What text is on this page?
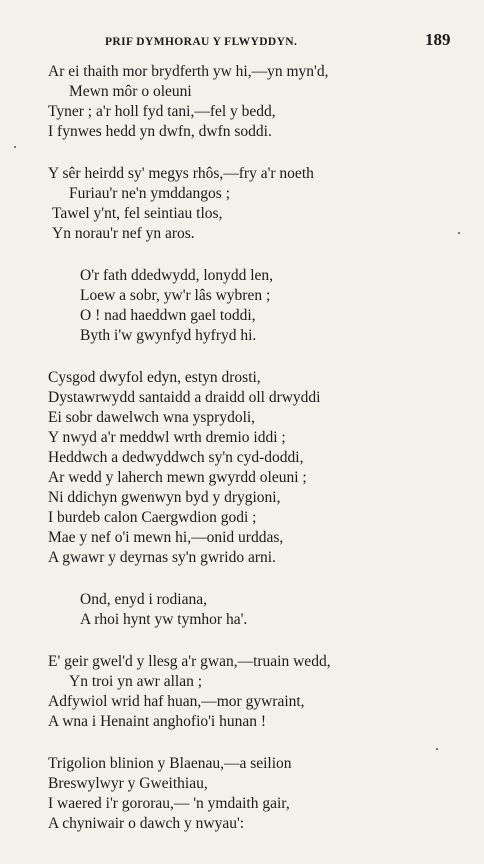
PRIF DYMHORAU Y FLWYDDYN.	189
Ar ei thaith mor brydferth yw hi,—yn myn'd,
Mewn môr o oleuni
Tyner ; a'r holl fyd tani,—fel y bedd,
I fynwes hedd yn dwfn, dwfn soddi.
Y sêr heirdd sy' megys rhôs,—fry a'r noeth
Furiau'r ne'n ymddangos ;
Tawel y'nt, fel seintiau tlos,
Yn norau'r nef yn aros.
O'r fath ddedwydd, lonydd len,
Loew a sobr, yw'r lâs wybren ;
O ! nad haeddwn gael toddi,
Byth i'w gwynfyd hyfryd hi.
Cysgod dwyfol edyn, estyn drosti,
Dystawrwydd santaidd a draidd oll drwyddi
Ei sobr dawelwch wna ysprydoli,
Y nwyd a'r meddwl wrth dremio iddi ;
Heddwch a dedwyddwch sy'n cyd-doddi,
Ar wedd y laherch mewn gwyrdd oleuni ;
Ni ddichyn gwenwyn byd y drygioni,
I burdeb calon Caergwdion godi ;
Mae y nef o'i mewn hi,—onid urddas,
A gwawr y deyrnas sy'n gwrido arni.
Ond, enyd i rodiana,
A rhoi hynt yw tymhor ha'.
E' geir gwel'd y llesg a'r gwan,—truain wedd,
Yn troi yn awr allan ;
Adfywiol wrid haf huan,—mor gywraint,
A wna i Henaint anghofio'i hunan !
Trigolion blinion y Blaenau,—a seilion
Breswylwyr y Gweithiau,
I waered i'r gororau,— 'n ymdaith gair,
A chyniwair o dawch y nwyau':
